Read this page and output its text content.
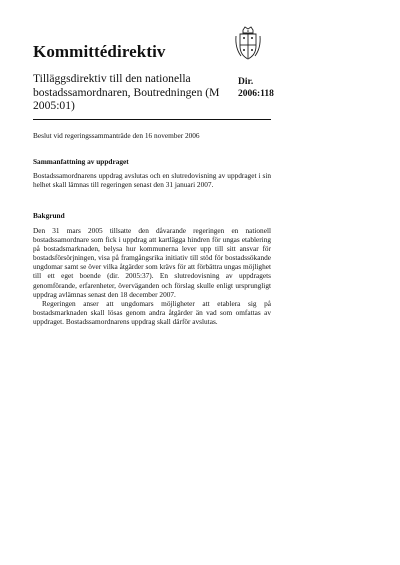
Kommittédirektiv
Tilläggsdirektiv till den nationella bostadssamordnaren, Boutredningen (M 2005:01)
Dir.
2006:118
Beslut vid regeringssammanträde den 16 november 2006
Sammanfattning av uppdraget

Bostadssamordnarens uppdrag avslutas och en slutredovisning av uppdraget i sin helhet skall lämnas till regeringen senast den 31 januari 2007.

Bakgrund

Den 31 mars 2005 tillsatte den dåvarande regeringen en nationell bostadssamordnare som fick i uppdrag att kartlägga hindren för ungas etablering på bostadsmarknaden, belysa hur kommunerna lever upp till sitt ansvar för bostadsförsörjningen, visa på framgångsrika initiativ till stöd för bostadssökande ungdomar samt se över vilka åtgärder som krävs för att förbättra ungas möjlighet till ett eget boende (dir. 2005:37). En slutredovisning av uppdragets genomförande, erfarenheter, överväganden och förslag skulle enligt ursprungligt uppdrag avlämnas senast den 18 december 2007.

Regeringen anser att ungdomars möjligheter att etablera sig på bostadsmarknaden skall lösas genom andra åtgärder än vad som omfattas av uppdraget. Bostadssamordnarens uppdrag skall därför avslutas.
